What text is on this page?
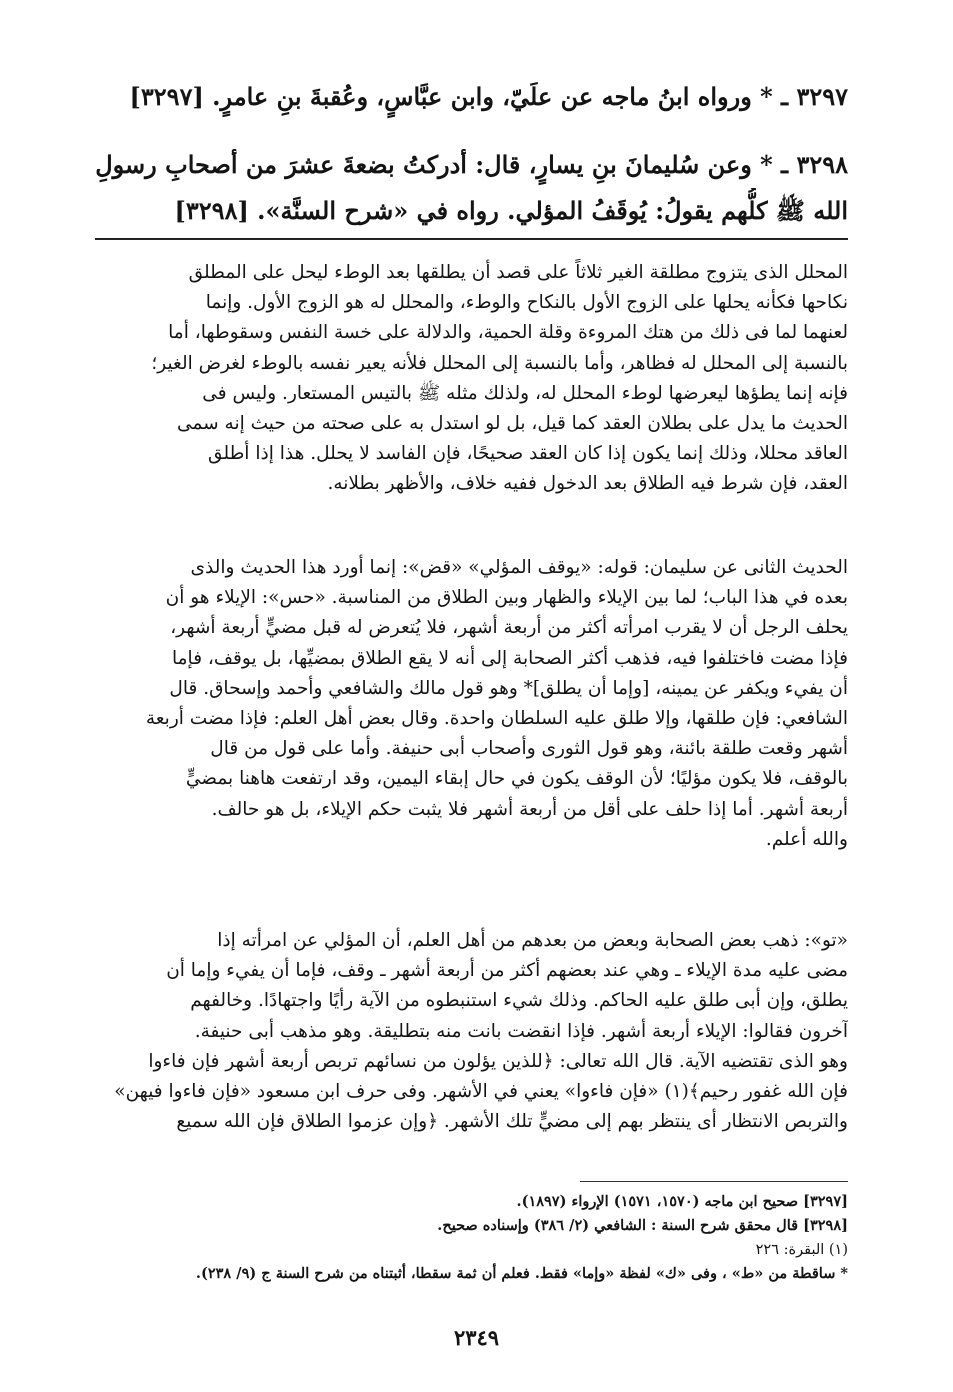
٣٢٩٧ ـ * ورواه ابنُ ماجه عن علَيّ، وابن عبَّاسٍ، وعُقبةَ بنِ عامرٍ. [٣٢٩٧]
٣٢٩٨ ـ * وعن سُليمانَ بنِ يسارٍ، قال: أدركتُ بضعةَ عشرَ من أصحابِ رسولِ
الله ﷺ كلُّهم يقولُ: يُوقَفُ المؤلي. رواه في «شرح السنَّة». [٣٢٩٨]
المحلل الذى يتزوج مطلقة الغير ثلاثاً على قصد أن يطلقها بعد الوطء ليحل على المطلق
نكاحها فكأنه يحلها على الزوج الأول بالنكاح والوطء، والمحلل له هو الزوج الأول. وإنما
لعنهما لما فى ذلك من هتك المروءة وقلة الحمية، والدلالة على خسة النفس وسقوطها، أما
بالنسبة إلى المحلل له فظاهر، وأما بالنسبة إلى المحلل فلأنه يعير نفسه بالوطء لغرض الغير؛
فإنه إنما يطؤها ليعرضها لوطء المحلل له، ولذلك مثله ﷺ بالتيس المستعار. وليس فى
الحديث ما يدل على بطلان العقد كما قيل، بل لو استدل به على صحته من حيث إنه سمى
العاقد محللا، وذلك إنما يكون إذا كان العقد صحيحًا، فإن الفاسد لا يحلل. هذا إذا أطلق
العقد، فإن شرط فيه الطلاق بعد الدخول ففيه خلاف، والأظهر بطلانه.
الحديث الثانى عن سليمان: قوله: «يوقف المؤلي» «قض»: إنما أورد هذا الحديث والذى
بعده في هذا الباب؛ لما بين الإيلاء والظهار وبين الطلاق من المناسبة. «حس»: الإيلاء هو أن
يحلف الرجل أن لا يقرب امرأته أكثر من أربعة أشهر، فلا يُتعرض له قبل مضيٍّ أربعة أشهر،
فإذا مضت فاختلفوا فيه، فذهب أكثر الصحابة إلى أنه لا يقع الطلاق بمضيِّها، بل يوقف، فإما
أن يفيء ويكفر عن يمينه، [وإما أن يطلق]* وهو قول مالك والشافعي وأحمد وإسحاق. قال
الشافعي: فإن طلقها، وإلا طلق عليه السلطان واحدة. وقال بعض أهل العلم: فإذا مضت أربعة
أشهر وقعت طلقة بائنة، وهو قول الثورى وأصحاب أبى حنيفة. وأما على قول من قال
بالوقف، فلا يكون مؤليًا؛ لأن الوقف يكون في حال إبقاء اليمين، وقد ارتفعت هاهنا بمضيٍّ
أربعة أشهر. أما إذا حلف على أقل من أربعة أشهر فلا يثبت حكم الإيلاء، بل هو حالف.
والله أعلم.
«تو»: ذهب بعض الصحابة وبعض من بعدهم من أهل العلم، أن المؤلي عن امرأته إذا
مضى عليه مدة الإيلاء ـ وهي عند بعضهم أكثر من أربعة أشهر ـ وقف، فإما أن يفيء وإما أن
يطلق، وإن أبى طلق عليه الحاكم. وذلك شيء استنبطوه من الآية رأيًا واجتهادًا. وخالفهم
آخرون فقالوا: الإيلاء أربعة أشهر. فإذا انقضت بانت منه بتطليقة. وهو مذهب أبى حنيفة.
وهو الذى تقتضيه الآية. قال الله تعالى: ﴿للذين يؤلون من نسائهم تربص أربعة أشهر فإن فاءوا
فإن الله غفور رحيم﴾(١) «فإن فاءوا» يعني في الأشهر. وفى حرف ابن مسعود «فإن فاءوا فيهن»
والتربص الانتظار أى ينتظر بهم إلى مضيٍّ تلك الأشهر. ﴿وإن عزموا الطلاق فإن الله سميع
[٣٢٩٧] صحيح ابن ماجه (١٥٧٠، ١٥٧١) الإرواء (١٨٩٧).
[٣٢٩٨] قال محقق شرح السنة : الشافعي (٢/ ٣٨٦) وإسناده صحيح.
(١) البقرة: ٢٢٦
* ساقطة من «ط» ، وفى «ك» لفظة «وإما» فقط. فعلم أن ثمة سقطا، أثبتناه من شرح السنة ج (٩/ ٢٣٨).
٢٣٤٩
